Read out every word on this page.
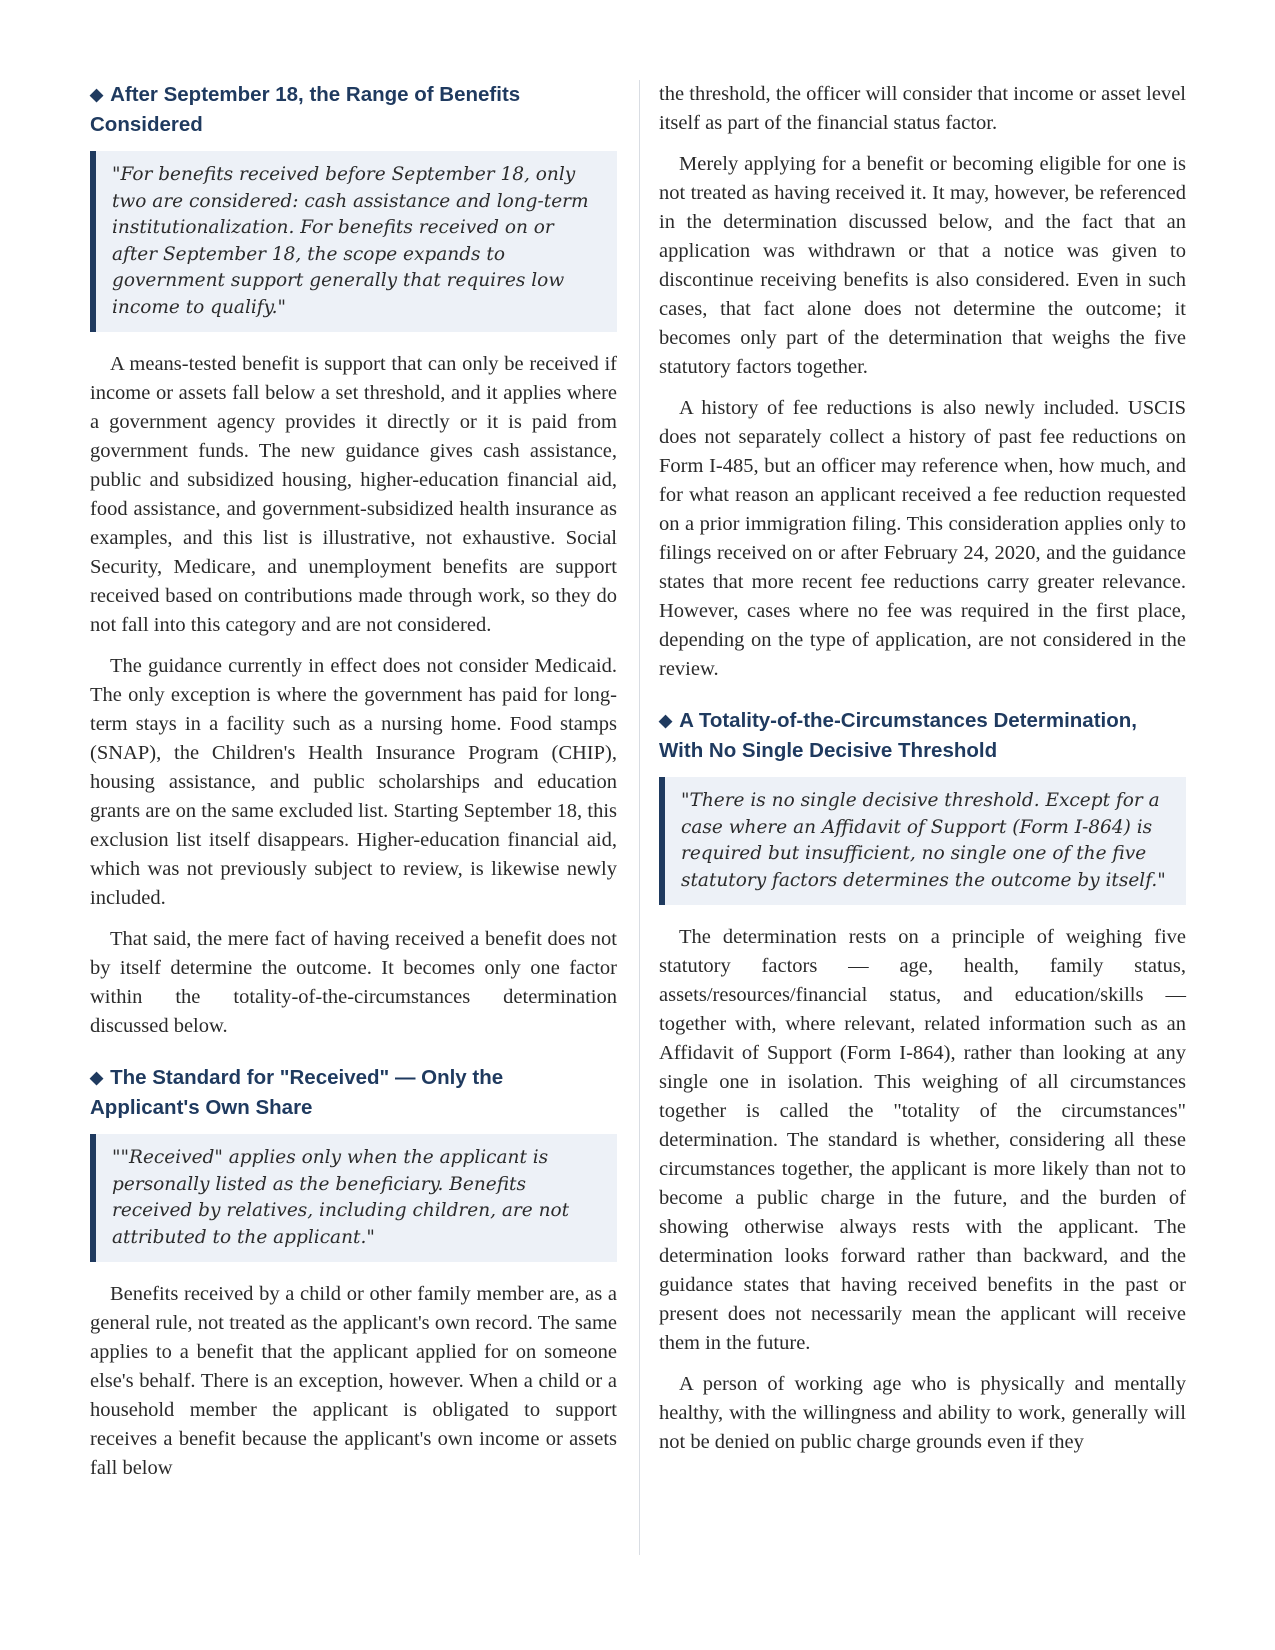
◆ After September 18, the Range of Benefits Considered
"For benefits received before September 18, only two are considered: cash assistance and long-term institutionalization. For benefits received on or after September 18, the scope expands to government support generally that requires low income to qualify."

A means-tested benefit is support that can only be received if income or assets fall below a set threshold, and it applies where a government agency provides it directly or it is paid from government funds. The new guidance gives cash assistance, public and subsidized housing, higher-education financial aid, food assistance, and government-subsidized health insurance as examples, and this list is illustrative, not exhaustive. Social Security, Medicare, and unemployment benefits are support received based on contributions made through work, so they do not fall into this category and are not considered.

The guidance currently in effect does not consider Medicaid. The only exception is where the government has paid for long-term stays in a facility such as a nursing home. Food stamps (SNAP), the Children's Health Insurance Program (CHIP), housing assistance, and public scholarships and education grants are on the same excluded list. Starting September 18, this exclusion list itself disappears. Higher-education financial aid, which was not previously subject to review, is likewise newly included.

That said, the mere fact of having received a benefit does not by itself determine the outcome. It becomes only one factor within the totality-of-the-circumstances determination discussed below.

◆ The Standard for "Received" — Only the Applicant's Own Share
""Received" applies only when the applicant is personally listed as the beneficiary. Benefits received by relatives, including children, are not attributed to the applicant."

Benefits received by a child or other family member are, as a general rule, not treated as the applicant's own record. The same applies to a benefit that the applicant applied for on someone else's behalf. There is an exception, however. When a child or a household member the applicant is obligated to support receives a benefit because the applicant's own income or assets fall below

the threshold, the officer will consider that income or asset level itself as part of the financial status factor.

Merely applying for a benefit or becoming eligible for one is not treated as having received it. It may, however, be referenced in the determination discussed below, and the fact that an application was withdrawn or that a notice was given to discontinue receiving benefits is also considered. Even in such cases, that fact alone does not determine the outcome; it becomes only part of the determination that weighs the five statutory factors together.

A history of fee reductions is also newly included. USCIS does not separately collect a history of past fee reductions on Form I-485, but an officer may reference when, how much, and for what reason an applicant received a fee reduction requested on a prior immigration filing. This consideration applies only to filings received on or after February 24, 2020, and the guidance states that more recent fee reductions carry greater relevance. However, cases where no fee was required in the first place, depending on the type of application, are not considered in the review.

◆ A Totality-of-the-Circumstances Determination, With No Single Decisive Threshold
"There is no single decisive threshold. Except for a case where an Affidavit of Support (Form I-864) is required but insufficient, no single one of the five statutory factors determines the outcome by itself."

The determination rests on a principle of weighing five statutory factors — age, health, family status, assets/resources/financial status, and education/skills — together with, where relevant, related information such as an Affidavit of Support (Form I-864), rather than looking at any single one in isolation. This weighing of all circumstances together is called the "totality of the circumstances" determination. The standard is whether, considering all these circumstances together, the applicant is more likely than not to become a public charge in the future, and the burden of showing otherwise always rests with the applicant. The determination looks forward rather than backward, and the guidance states that having received benefits in the past or present does not necessarily mean the applicant will receive them in the future.

A person of working age who is physically and mentally healthy, with the willingness and ability to work, generally will not be denied on public charge grounds even if they
